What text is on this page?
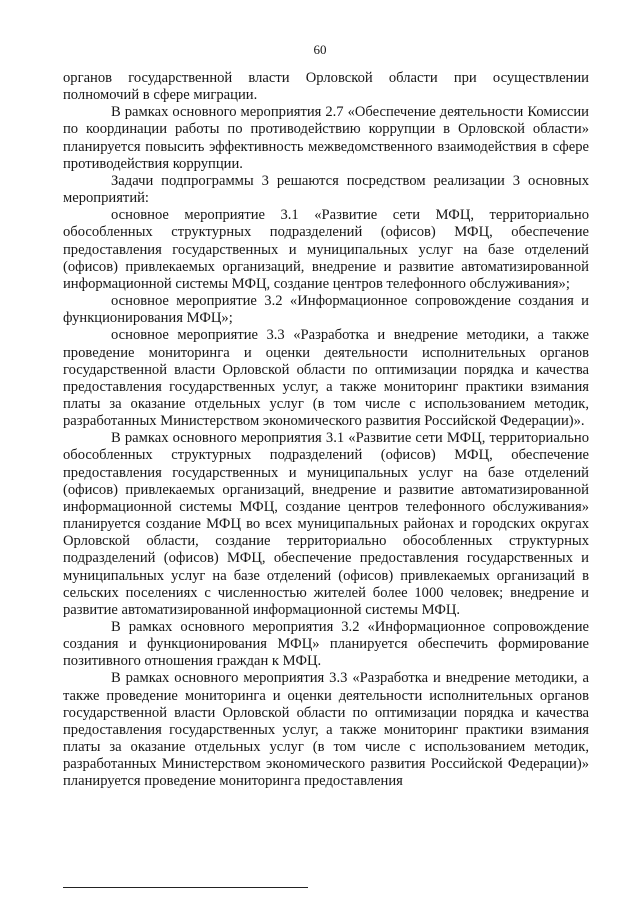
60

органов государственной власти Орловской области при осуществлении полномочий в сфере миграции.

В рамках основного мероприятия 2.7 «Обеспечение деятельности Комиссии по координации работы по противодействию коррупции в Орловской области» планируется повысить эффективность межведомственного взаимодействия в сфере противодействия коррупции.

Задачи подпрограммы 3 решаются посредством реализации 3 основных мероприятий:

основное мероприятие 3.1 «Развитие сети МФЦ, территориально обособленных структурных подразделений (офисов) МФЦ, обеспечение предоставления государственных и муниципальных услуг на базе отделений (офисов) привлекаемых организаций, внедрение и развитие автоматизированной информационной системы МФЦ, создание центров телефонного обслуживания»;

основное мероприятие 3.2 «Информационное сопровождение создания и функционирования МФЦ»;

основное мероприятие 3.3 «Разработка и внедрение методики, а также проведение мониторинга и оценки деятельности исполнительных органов государственной власти Орловской области по оптимизации порядка и качества предоставления государственных услуг, а также мониторинг практики взимания платы за оказание отдельных услуг (в том числе с использованием методик, разработанных Министерством экономического развития Российской Федерации)».

В рамках основного мероприятия 3.1 «Развитие сети МФЦ, территориально обособленных структурных подразделений (офисов) МФЦ, обеспечение предоставления государственных и муниципальных услуг на базе отделений (офисов) привлекаемых организаций, внедрение и развитие автоматизированной информационной системы МФЦ, создание центров телефонного обслуживания» планируется создание МФЦ во всех муниципальных районах и городских округах Орловской области, создание территориально обособленных структурных подразделений (офисов) МФЦ, обеспечение предоставления государственных и муниципальных услуг на базе отделений (офисов) привлекаемых организаций в сельских поселениях с численностью жителей более 1000 человек; внедрение и развитие автоматизированной информационной системы МФЦ.

В рамках основного мероприятия 3.2 «Информационное сопровождение создания и функционирования МФЦ» планируется обеспечить формирование позитивного отношения граждан к МФЦ.

В рамках основного мероприятия 3.3 «Разработка и внедрение методики, а также проведение мониторинга и оценки деятельности исполнительных органов государственной власти Орловской области по оптимизации порядка и качества предоставления государственных услуг, а также мониторинг практики взимания платы за оказание отдельных услуг (в том числе с использованием методик, разработанных Министерством экономического развития Российской Федерации)» планируется проведение мониторинга предоставления
